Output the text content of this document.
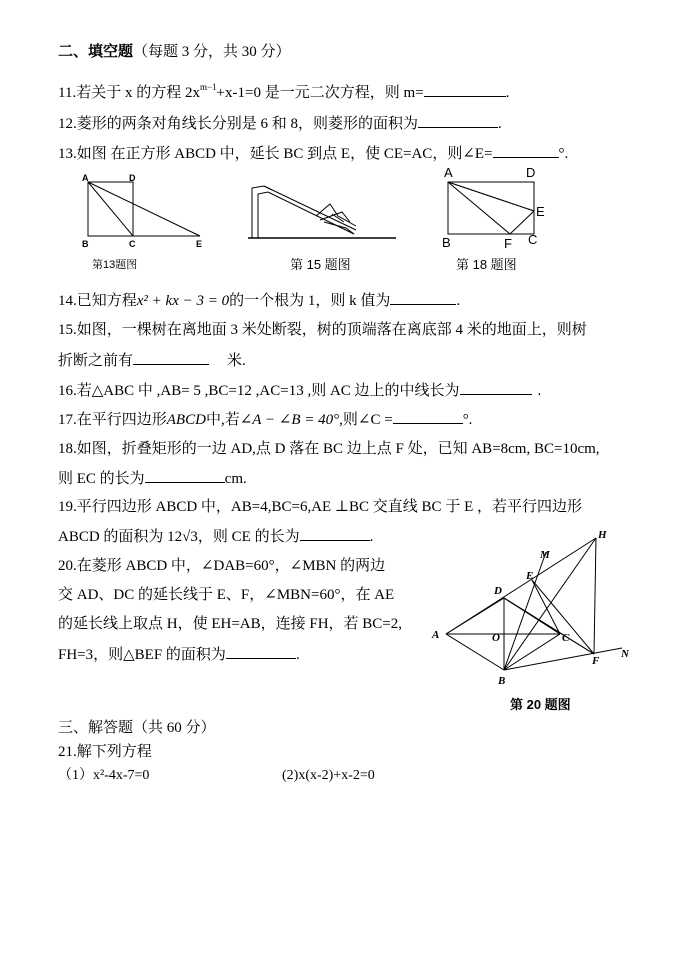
二、填空题（每题 3 分，共 30 分）
11.若关于 x 的方程 $2x^{m-1}+x-1=0$ 是一元二次方程，则 m=	.
12.菱形的两条对角线长分别是 6 和 8，则菱形的面积为	.
13.如图 在正方形 ABCD 中，延长 BC 到点 E，使 CE=AC，则∠E=	°.
A	D
B	C	E
第13题图	第 15 题图
A	D
E
B	F C
第 18 题图
14.已知方程x² + kx − 3 = 0的一个根为 1，则 k 值为	.
15.如图，一棵树在离地面 3 米处断裂，树的顶端落在离底部 4 米的地面上，则树
折断之前有	米.
16.若△ABC 中 ,AB= 5 ,BC=12 ,AC=13 ,则 AC 边上的中线长为	.
17.在平行四边形ABCD中,若∠A − ∠B = 40°,则∠C =	°.
18.如图，折叠矩形的一边 AD,点 D 落在 BC 边上点 F 处，已知 AB=8cm, BC=10cm,
则 EC 的长为	cm.
19.平行四边形 ABCD 中，AB=4,BC=6,AE ⊥BC 交直线 BC 于 E ，若平行四边形
ABCD 的面积为 12√3，则 CE 的长为	.
20.在菱形 ABCD 中，∠DAB=60°，∠MBN 的两边
交 AD、DC 的延长线于 E、F，∠MBN=60°，在 AE
的延长线上取点 H，使 EH=AB，连接 FH，若 BC=2,
FH=3，则△BEF 的面积为	.
H
M
E
D
A	O	C
F
N
B
第 20 题图
三、解答题（共 60 分）
21.解下列方程
（1）x²-4x-7=0	(2)x(x-2)+x-2=0
